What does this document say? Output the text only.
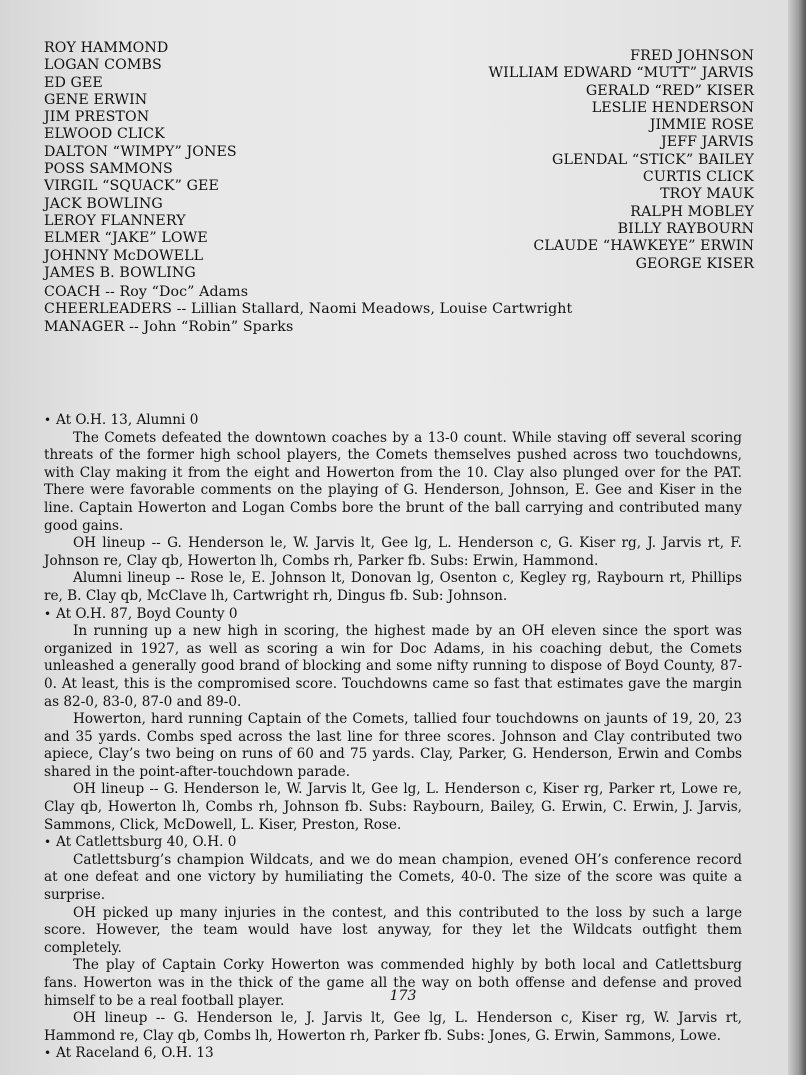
ROY HAMMOND
LOGAN COMBS
ED GEE
GENE ERWIN
JIM PRESTON
ELWOOD CLICK
DALTON “WIMPY” JONES
POSS SAMMONS
VIRGIL “SQUACK” GEE
JACK BOWLING
LEROY FLANNERY
ELMER “JAKE” LOWE
JOHNNY McDOWELL
JAMES B. BOWLING
FRED JOHNSON
WILLIAM EDWARD “MUTT” JARVIS
GERALD “RED” KISER
LESLIE HENDERSON
JIMMIE ROSE
JEFF JARVIS
GLENDAL “STICK” BAILEY
CURTIS CLICK
TROY MAUK
RALPH MOBLEY
BILLY RAYBOURN
CLAUDE “HAWKEYE” ERWIN
GEORGE KISER
COACH -- Roy “Doc” Adams
CHEERLEADERS -- Lillian Stallard, Naomi Meadows, Louise Cartwright
MANAGER -- John “Robin” Sparks

• At O.H. 13, Alumni 0

The Comets defeated the downtown coaches by a 13-0 count. While staving off several scoring threats of the former high school players, the Comets themselves pushed across two touchdowns, with Clay making it from the eight and Howerton from the 10. Clay also plunged over for the PAT. There were favorable comments on the playing of G. Henderson, Johnson, E. Gee and Kiser in the line. Captain Howerton and Logan Combs bore the brunt of the ball carrying and contributed many good gains.

OH lineup -- G. Henderson le, W. Jarvis lt, Gee lg, L. Henderson c, G. Kiser rg, J. Jarvis rt, F. Johnson re, Clay qb, Howerton lh, Combs rh, Parker fb. Subs: Erwin, Hammond.

Alumni lineup -- Rose le, E. Johnson lt, Donovan lg, Osenton c, Kegley rg, Raybourn rt, Phillips re, B. Clay qb, McClave lh, Cartwright rh, Dingus fb. Sub: Johnson.

• At O.H. 87, Boyd County 0

In running up a new high in scoring, the highest made by an OH eleven since the sport was organized in 1927, as well as scoring a win for Doc Adams, in his coaching debut, the Comets unleashed a generally good brand of blocking and some nifty running to dispose of Boyd County, 87-0. At least, this is the compromised score. Touchdowns came so fast that estimates gave the margin as 82-0, 83-0, 87-0 and 89-0.

Howerton, hard running Captain of the Comets, tallied four touchdowns on jaunts of 19, 20, 23 and 35 yards. Combs sped across the last line for three scores. Johnson and Clay contributed two apiece, Clay’s two being on runs of 60 and 75 yards. Clay, Parker, G. Henderson, Erwin and Combs shared in the point-after-touchdown parade.

OH lineup -- G. Henderson le, W. Jarvis lt, Gee lg, L. Henderson c, Kiser rg, Parker rt, Lowe re, Clay qb, Howerton lh, Combs rh, Johnson fb. Subs: Raybourn, Bailey, G. Erwin, C. Erwin, J. Jarvis, Sammons, Click, McDowell, L. Kiser, Preston, Rose.

• At Catlettsburg 40, O.H. 0

Catlettsburg’s champion Wildcats, and we do mean champion, evened OH’s conference record at one defeat and one victory by humiliating the Comets, 40-0. The size of the score was quite a surprise.

OH picked up many injuries in the contest, and this contributed to the loss by such a large score. However, the team would have lost anyway, for they let the Wildcats outfight them completely.

The play of Captain Corky Howerton was commended highly by both local and Catlettsburg fans. Howerton was in the thick of the game all the way on both offense and defense and proved himself to be a real football player.

OH lineup -- G. Henderson le, J. Jarvis lt, Gee lg, L. Henderson c, Kiser rg, W. Jarvis rt, Hammond re, Clay qb, Combs lh, Howerton rh, Parker fb. Subs: Jones, G. Erwin, Sammons, Lowe.

• At Raceland 6, O.H. 13

173
